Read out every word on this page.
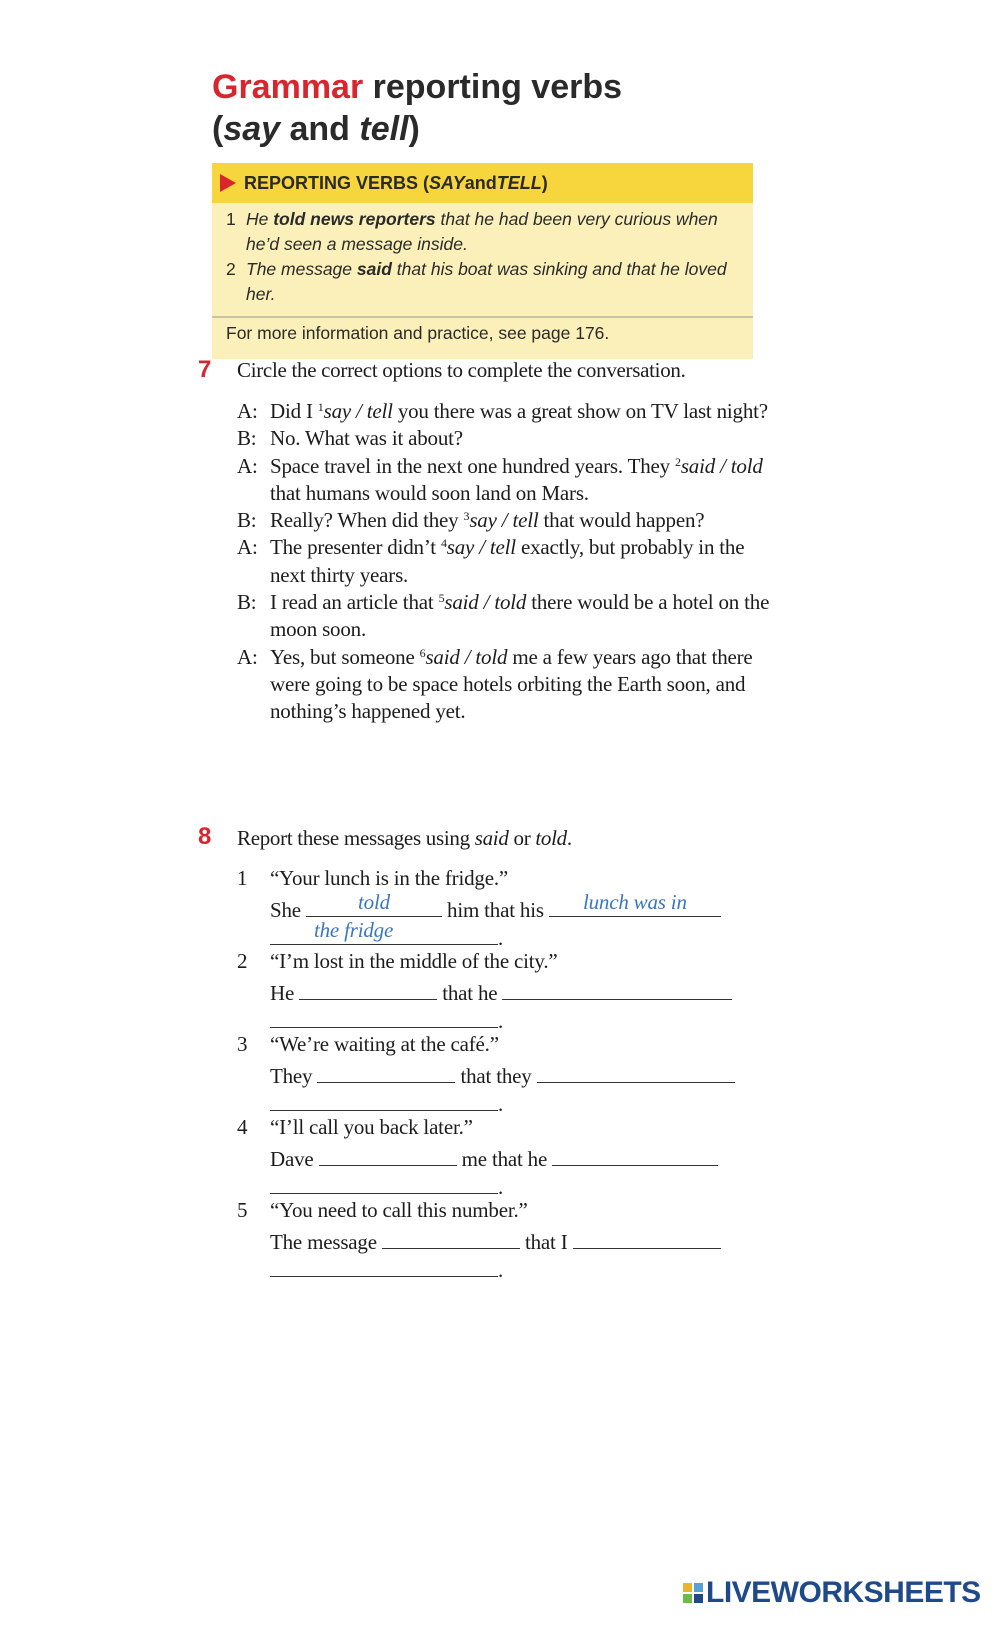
Grammar reporting verbs
(say and tell)
REPORTING VERBS ( SAY and TELL )
1 He told news reporters that he had been very curious when he’d seen a message inside.
2 The message said that his boat was sinking and that he loved her.
For more information and practice, see page 176.
7 Circle the correct options to complete the conversation.
A: Did I $^1$say / tell you there was a great show on TV last night?
B: No. What was it about?
A: Space travel in the next one hundred years. They $^2$said / told that humans would soon land on Mars.
B: Really? When did they $^3$say / tell that would happen?
A: The presenter didn’t $^4$say / tell exactly, but probably in the next thirty years.
B: I read an article that $^5$said / told there would be a hotel on the moon soon.
A: Yes, but someone $^6$said / told me a few years ago that there were going to be space hotels orbiting the Earth soon, and nothing’s happened yet.
8 Report these messages using said or told.
1 “Your lunch is in the fridge.”
She	told	him that his	lunch was in
the fridge	.
2 “I’m lost in the middle of the city.”
He	that he
.
3 “We’re waiting at the café.”
They	that they
.
4 “I’ll call you back later.”
Dave	me that he
.
5 “You need to call this number.”
The message	that I
.
LIVEWORKSHEETS
